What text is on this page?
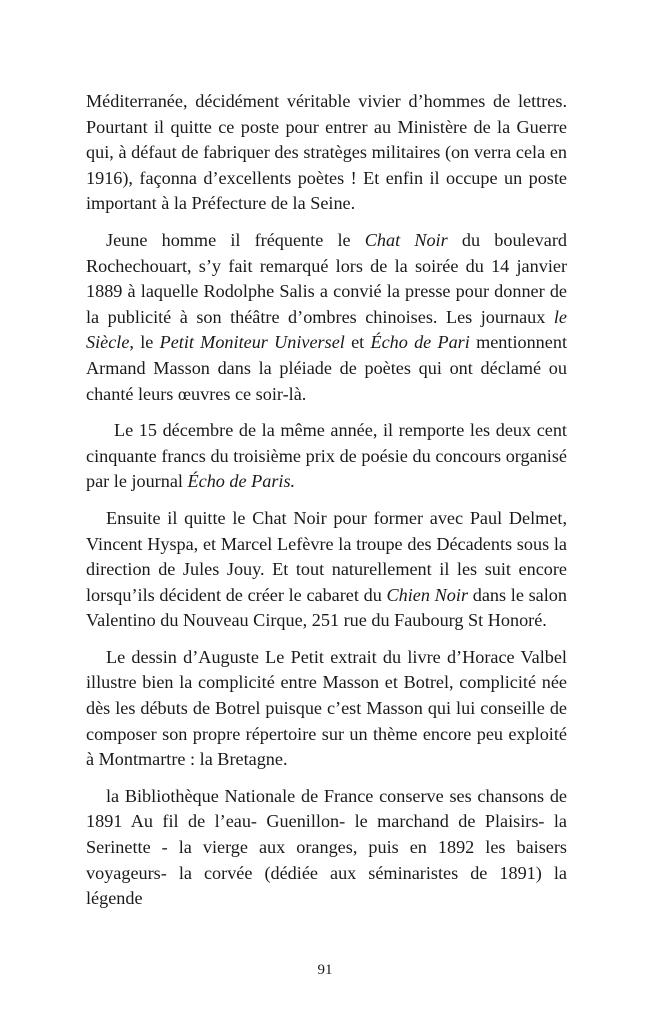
Méditerranée, décidément véritable vivier d’hommes de lettres. Pourtant il quitte ce poste pour entrer au Ministère de la Guerre qui, à défaut de fabriquer des stratèges militaires (on verra cela en 1916), façonna d’excellents poètes ! Et enfin il occupe un poste important à la Préfecture de la Seine.

Jeune homme il fréquente le Chat Noir du boulevard Rochechouart, s’y fait remarqué lors de la soirée du 14 janvier 1889 à laquelle Rodolphe Salis a convié la presse pour donner de la publicité à son théâtre d’ombres chinoises. Les journaux le Siècle, le Petit Moniteur Universel et Écho de Pari mentionnent Armand Masson dans la pléiade de poètes qui ont déclamé ou chanté leurs œuvres ce soir-là.

Le 15 décembre de la même année, il remporte les deux cent cinquante francs du troisième prix de poésie du concours organisé par le journal Écho de Paris.

Ensuite il quitte le Chat Noir pour former avec Paul Delmet, Vincent Hyspa, et Marcel Lefèvre la troupe des Décadents sous la direction de Jules Jouy. Et tout naturellement il les suit encore lorsqu’ils décident de créer le cabaret du Chien Noir dans le salon Valentino du Nouveau Cirque, 251 rue du Faubourg St Honoré.

Le dessin d’Auguste Le Petit extrait du livre d’Horace Valbel illustre bien la complicité entre Masson et Botrel, complicité née dès les débuts de Botrel puisque c’est Masson qui lui conseille de composer son propre répertoire sur un thème encore peu exploité à Montmartre : la Bretagne.

la Bibliothèque Nationale de France conserve ses chansons de 1891 Au fil de l’eau- Guenillon- le marchand de Plaisirs- la Serinette - la vierge aux oranges, puis en 1892 les baisers voyageurs- la corvée (dédiée aux séminaristes de 1891) la légende

91
